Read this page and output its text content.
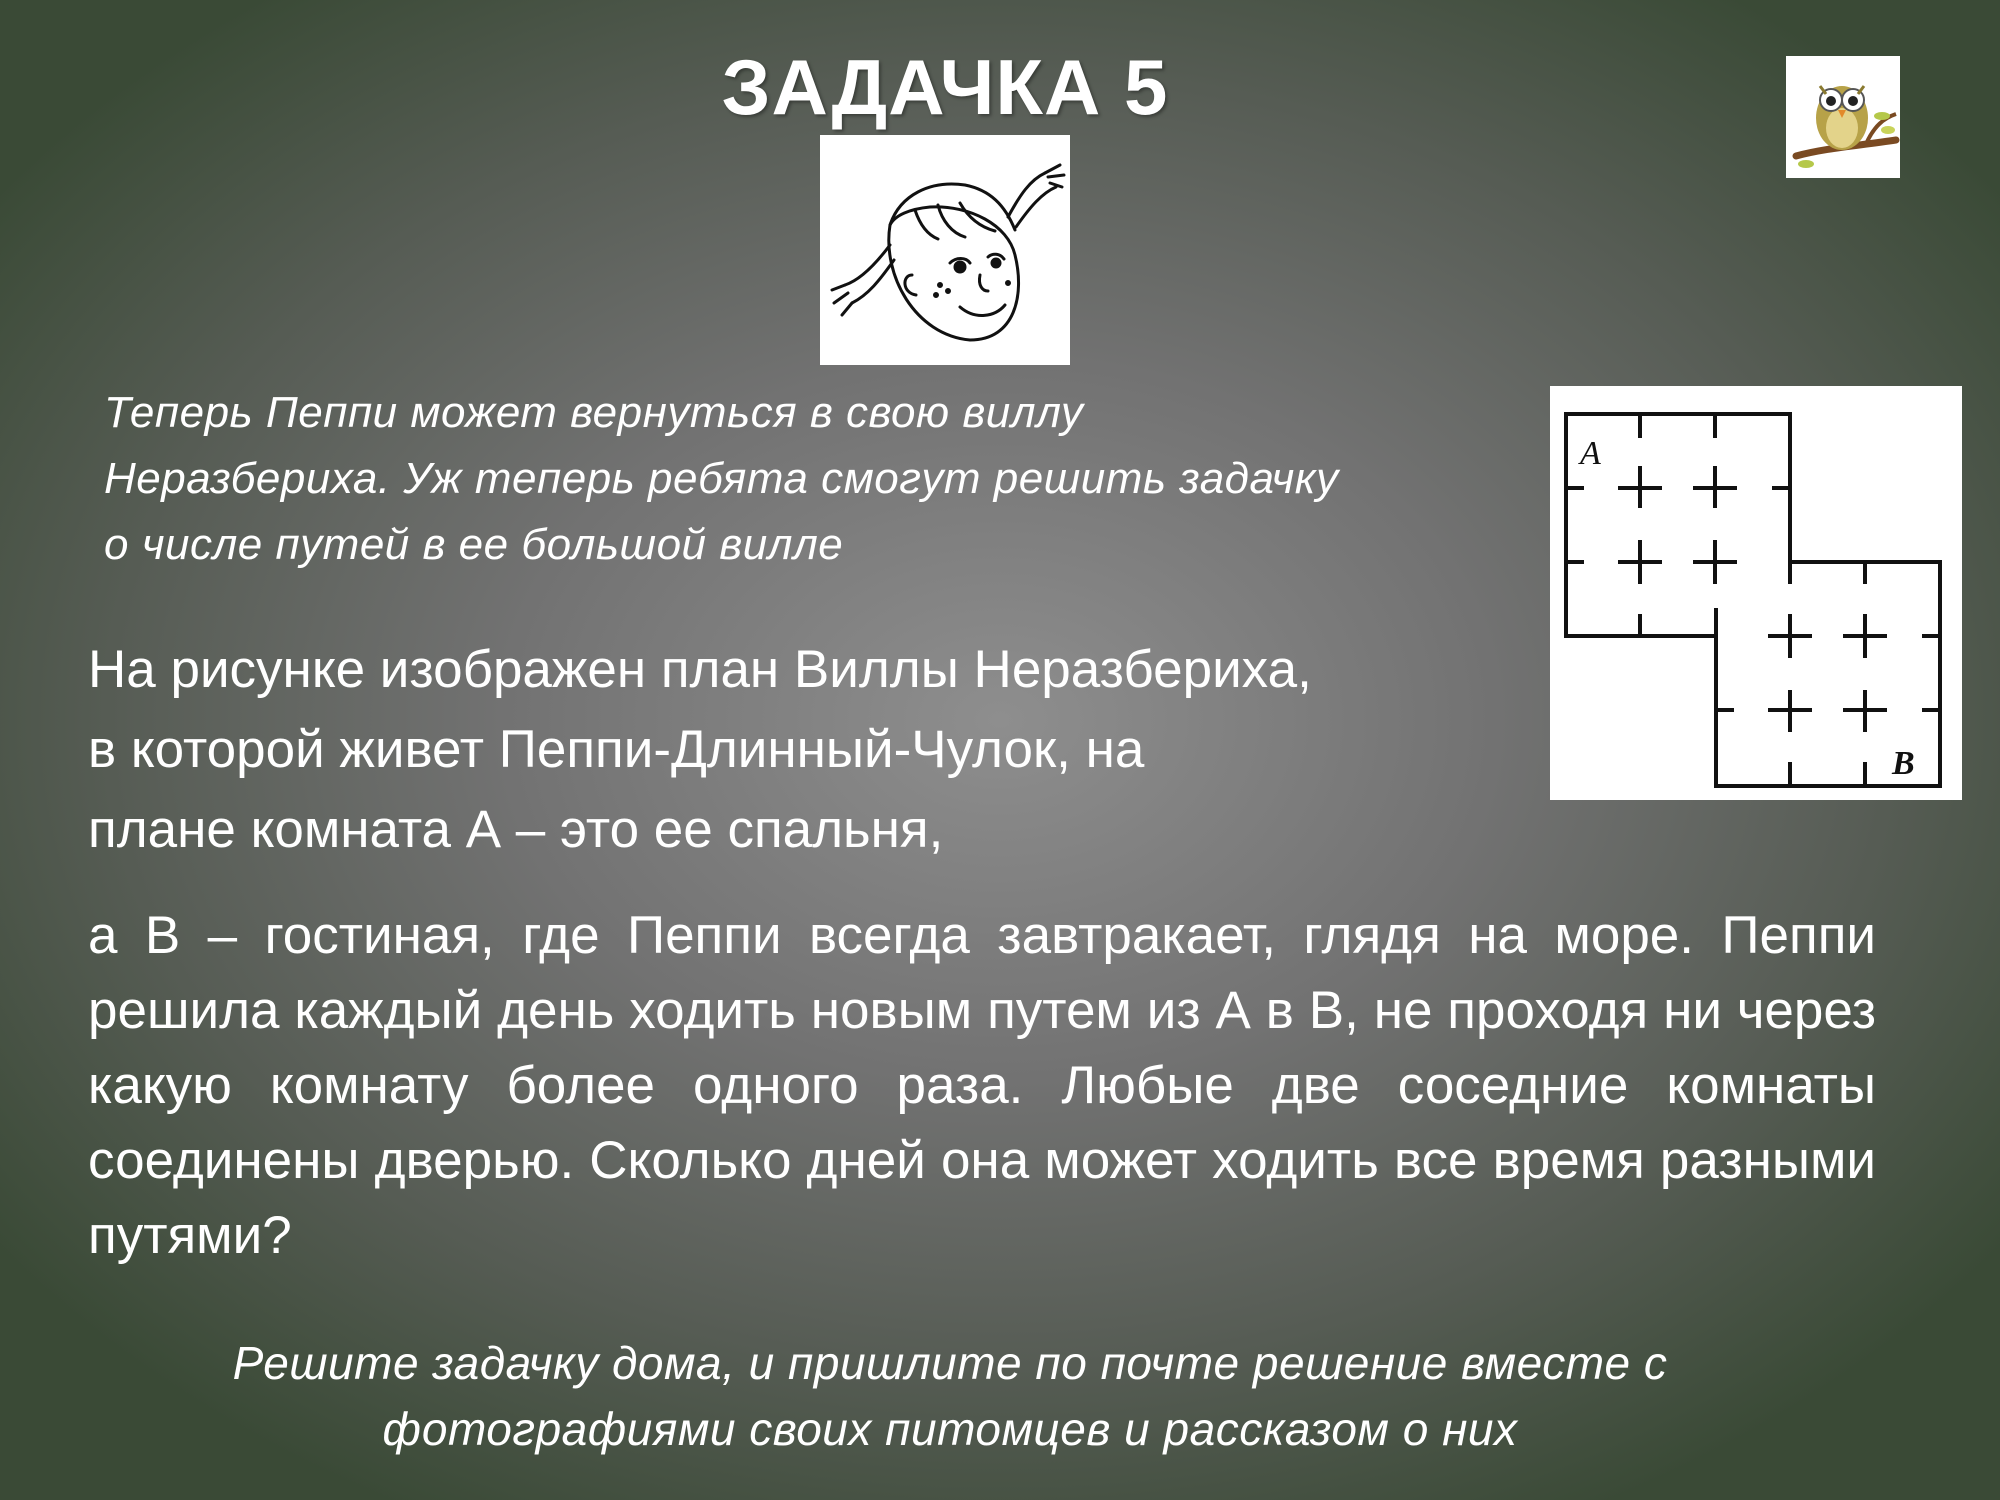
ЗАДАЧКА 5
Теперь Пеппи может вернуться в свою виллу
Неразбериха. Уж теперь ребята смогут решить задачку
о числе путей в ее большой вилле
A
B
На рисунке изображен план Виллы Неразбериха,
в которой живет Пеппи-Длинный-Чулок, на
плане комната А – это ее спальня,
а В – гостиная, где Пеппи всегда завтракает, глядя на море. Пеппи решила каждый день ходить новым путем из А в В, не проходя ни через какую комнату более одного раза. Любые две соседние комнаты соединены дверью. Сколько дней она может ходить все время разными путями?
Решите задачку дома, и пришлите по почте решение вместе с
фотографиями своих питомцев и рассказом о них
